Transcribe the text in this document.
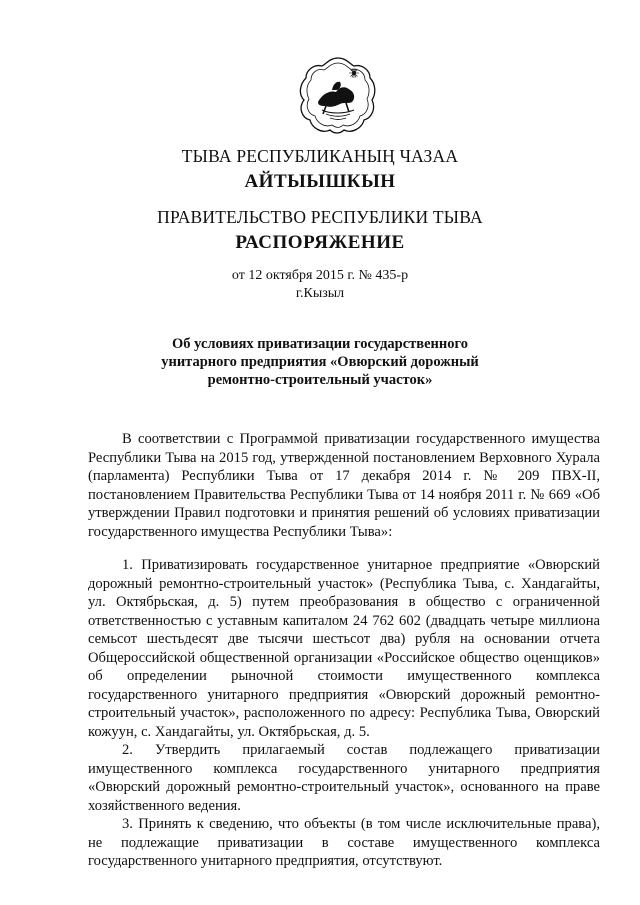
ТЫВА РЕСПУБЛИКАНЫҢ ЧАЗАА
АЙТЫЫШКЫН
ПРАВИТЕЛЬСТВО РЕСПУБЛИКИ ТЫВА
РАСПОРЯЖЕНИЕ
от 12 октября 2015 г. № 435-р
г.Кызыл
Об условиях приватизации государственного
унитарного предприятия «Овюрский дорожный
ремонтно-строительный участок»

В соответствии с Программой приватизации государственного имущества Республики Тыва на 2015 год, утвержденной постановлением Верховного Хурала (парламента) Республики Тыва от 17 декабря 2014 г. № 209 ПВХ-II, постановлением Правительства Республики Тыва от 14 ноября 2011 г. № 669 «Об утверждении Правил подготовки и принятия решений об условиях приватизации государственного имущества Республики Тыва»:

1. Приватизировать государственное унитарное предприятие «Овюрский дорожный ремонтно-строительный участок» (Республика Тыва, с. Хандагайты, ул. Октябрьская, д. 5) путем преобразования в общество с ограниченной ответственностью с уставным капиталом 24 762 602 (двадцать четыре миллиона семьсот шестьдесят две тысячи шестьсот два) рубля на основании отчета Общероссийской общественной организации «Российское общество оценщиков» об определении рыночной стоимости имущественного комплекса государственного унитарного предприятия «Овюрский дорожный ремонтно-строительный участок», расположенного по адресу: Республика Тыва, Овюрский кожуун, с. Хандагайты, ул. Октябрьская, д. 5.

2. Утвердить прилагаемый состав подлежащего приватизации имущественного комплекса государственного унитарного предприятия «Овюрский дорожный ремонтно-строительный участок», основанного на праве хозяйственного ведения.

3. Принять к сведению, что объекты (в том числе исключительные права), не подлежащие приватизации в составе имущественного комплекса государственного унитарного предприятия, отсутствуют.
